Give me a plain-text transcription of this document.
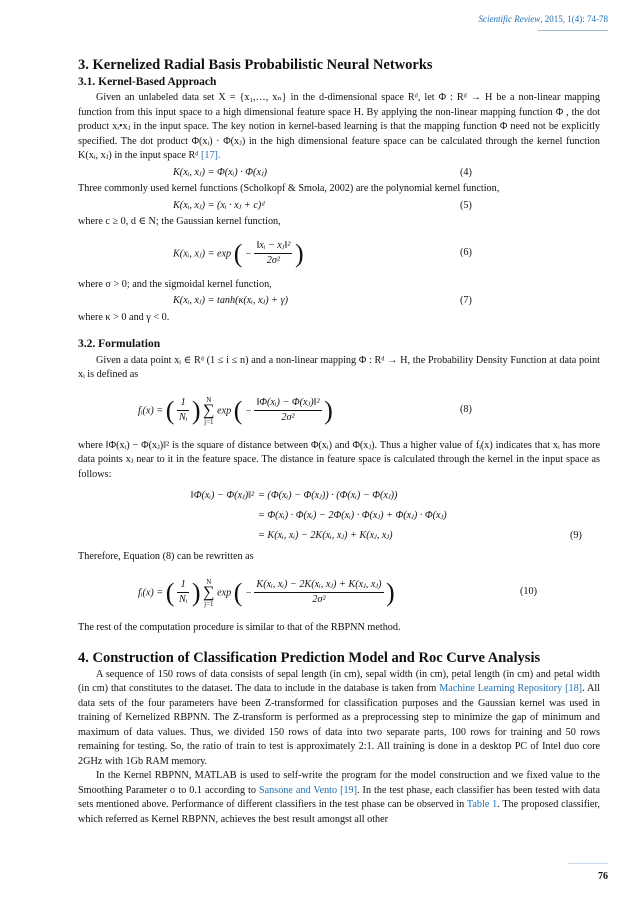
Scientific Review, 2015, 1(4): 74-78
3. Kernelized Radial Basis Probabilistic Neural Networks
3.1. Kernel-Based Approach

Given an unlabeled data set X = {x₁,…, xₙ} in the d-dimensional space Rᵈ, let Φ : Rᵈ → H be a non-linear mapping function from this input space to a high dimensional feature space H. By applying the non-linear mapping function Φ , the dot product xᵢ•xⱼ in the input space. The key notion in kernel-based learning is that the mapping function Φ need not be explicitly specified. The dot product Φ(xᵢ) · Φ(xⱼ) in the high dimensional feature space can be calculated through the kernel function K(xᵢ, xⱼ) in the input space Rᵈ [17].

K(xᵢ, xⱼ) = Φ(xᵢ) · Φ(xⱼ)	(4)

Three commonly used kernel functions (Scholkopf & Smola, 2002) are the polynomial kernel function,

K(xᵢ, xⱼ) = (xᵢ · xⱼ + c)ᵈ	(5)

where c ≥ 0, d ∈ N; the Gaussian kernel function,

K(xᵢ, xⱼ) = exp ( − $\frac{\text{‖xᵢ − xⱼ‖²}}{\text{2σ²}}$ )	(6)

where σ > 0; and the sigmoidal kernel function,

K(xᵢ, xⱼ) = tanh(κ(xᵢ, xⱼ) + γ)	(7)

where κ > 0 and γ < 0.

3.2. Formulation

Given a data point xᵢ ∈ Rᵈ (1 ≤ i ≤ n) and a non-linear mapping Φ : Rᵈ → H, the Probability Density Function at data point xᵢ is defined as

fᵢ(x) = ( $\frac{1}{\text{Nᵢ}}$ ) N
∑
j=1 exp ( − $\frac{\text{‖Φ(xᵢ) − Φ(xⱼ)‖²}}{\text{2σ²}}$ )	(8)

where ‖Φ(xᵢ) − Φ(xⱼ)‖² is the square of distance between Φ(xᵢ) and Φ(xⱼ). Thus a higher value of fᵢ(x) indicates that xᵢ has more data points xⱼ near to it in the feature space. The distance in feature space is calculated through the kernel in the input space as follows:

‖Φ(xᵢ) − Φ(xⱼ)‖² = (Φ(xᵢ) − Φ(xⱼ)) · (Φ(xᵢ) − Φ(xⱼ))
= Φ(xᵢ) · Φ(xᵢ) − 2Φ(xᵢ) · Φ(xⱼ) + Φ(xⱼ) · Φ(xⱼ)
= K(xᵢ, xᵢ) − 2K(xᵢ, xⱼ) + K(xⱼ, xⱼ)	(9)

Therefore, Equation (8) can be rewritten as

fᵢ(x) = ( $\frac{1}{\text{Nᵢ}}$ ) N
∑
j=1 exp ( − $\frac{\text{K(xᵢ, xᵢ) − 2K(xᵢ, xⱼ) + K(xⱼ, xⱼ)}}{\text{2σ²}}$ )	(10)

The rest of the computation procedure is similar to that of the RBPNN method.

4. Construction of Classification Prediction Model and Roc Curve Analysis

A sequence of 150 rows of data consists of sepal length (in cm), sepal width (in cm), petal length (in cm) and petal width (in cm) that constitutes to the dataset. The data to include in the database is taken from Machine Learning Repository [18]. All data sets of the four parameters have been Z-transformed for classification purposes and the Gaussian kernel was used in training of Kernelized RBPNN. The Z-transform is performed as a preprocessing step to minimize the gap of minimum and maximum of data values. Thus, we divided 150 rows of data into two separate parts, 100 rows for training and 50 rows remaining for testing. So, the ratio of train to test is approximately 2:1. All training is done in a desktop PC of Intel duo core 2GHz with 1Gb RAM memory.

In the Kernel RBPNN, MATLAB is used to self-write the program for the model construction and we fixed value to the Smoothing Parameter σ to 0.1 according to Sansone and Vento [19]. In the test phase, each classifier has been tested with data sets mentioned above. Performance of different classifiers in the test phase can be observed in Table 1. The proposed classifier, which referred as Kernel RBPNN, achieves the best result amongst all other

76
